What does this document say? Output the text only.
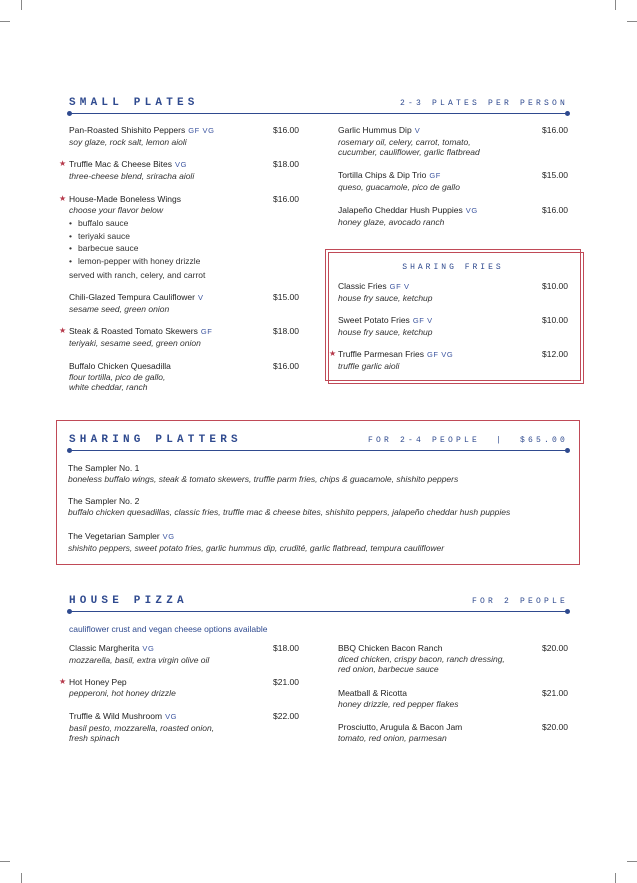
SMALL PLATES	2-3 PLATES PER PERSON
Pan-Roasted Shishito Peppers GF VG
soy glaze, rock salt, lemon aioli
$16.00
★ Truffle Mac & Cheese Bites VG
three-cheese blend, sriracha aioli
$18.00
★ House-Made Boneless Wings
choose your flavor below
• buffalo sauce
• teriyaki sauce
• barbecue sauce
• lemon-pepper with honey drizzle
served with ranch, celery, and carrot
$16.00
Chili-Glazed Tempura Cauliflower V
sesame seed, green onion
$15.00
★ Steak & Roasted Tomato Skewers GF
teriyaki, sesame seed, green onion
$18.00
Buffalo Chicken Quesadilla
flour tortilla, pico de gallo,
white cheddar, ranch
$16.00
Garlic Hummus Dip V
rosemary oil, celery, carrot, tomato,
cucumber, cauliflower, garlic flatbread
$16.00
Tortilla Chips & Dip Trio GF
queso, guacamole, pico de gallo
$15.00
Jalapeño Cheddar Hush Puppies VG
honey glaze, avocado ranch
$16.00
SHARING FRIES
Classic Fries GF V
house fry sauce, ketchup
$10.00
Sweet Potato Fries GF V
house fry sauce, ketchup
$10.00
★ Truffle Parmesan Fries GF VG
truffle garlic aioli
$12.00
SHARING PLATTERS	FOR 2-4 PEOPLE  |  $65.00
The Sampler No. 1
boneless buffalo wings, steak & tomato skewers, truffle parm fries, chips & guacamole, shishito peppers
The Sampler No. 2
buffalo chicken quesadillas, classic fries, truffle mac & cheese bites, shishito peppers, jalapeño cheddar hush puppies
The Vegetarian Sampler VG
shishito peppers, sweet potato fries, garlic hummus dip, crudité, garlic flatbread, tempura cauliflower
HOUSE PIZZA	FOR 2 PEOPLE
cauliflower crust and vegan cheese options available
Classic Margherita VG
mozzarella, basil, extra virgin olive oil
$18.00
★ Hot Honey Pep
pepperoni, hot honey drizzle
$21.00
Truffle & Wild Mushroom VG
basil pesto, mozzarella, roasted onion,
fresh spinach
$22.00
BBQ Chicken Bacon Ranch
diced chicken, crispy bacon, ranch dressing,
red onion, barbecue sauce
$20.00
Meatball & Ricotta
honey drizzle, red pepper flakes
$21.00
Prosciutto, Arugula & Bacon Jam
tomato, red onion, parmesan
$20.00
